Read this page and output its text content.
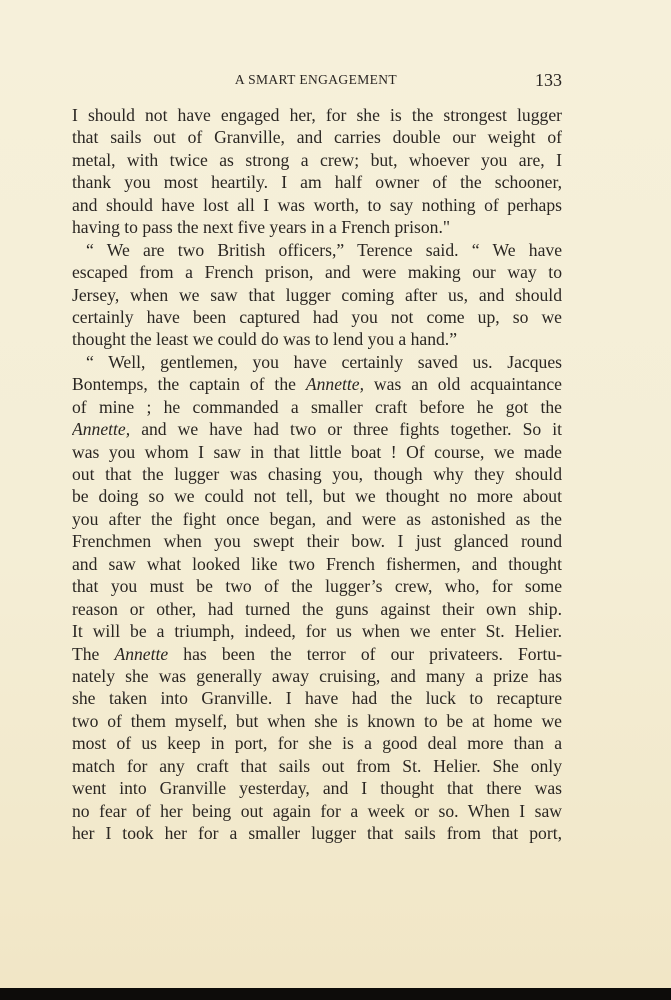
A SMART ENGAGEMENT	133
I should not have engaged her, for she is the strongest lugger
that sails out of Granville, and carries double our weight of
metal, with twice as strong a crew; but, whoever you are, I
thank you most heartily. I am half owner of the schooner,
and should have lost all I was worth, to say nothing of perhaps
having to pass the next five years in a French prison."
“ We are two British officers,” Terence said. “ We have
escaped from a French prison, and were making our way to
Jersey, when we saw that lugger coming after us, and should
certainly have been captured had you not come up, so we
thought the least we could do was to lend you a hand.”
“ Well, gentlemen, you have certainly saved us. Jacques
Bontemps, the captain of the Annette, was an old acquaintance
of mine ; he commanded a smaller craft before he got the
Annette, and we have had two or three fights together. So it
was you whom I saw in that little boat ! Of course, we made
out that the lugger was chasing you, though why they should
be doing so we could not tell, but we thought no more about
you after the fight once began, and were as astonished as the
Frenchmen when you swept their bow. I just glanced round
and saw what looked like two French fishermen, and thought
that you must be two of the lugger’s crew, who, for some
reason or other, had turned the guns against their own ship.
It will be a triumph, indeed, for us when we enter St. Helier.
The Annette has been the terror of our privateers. Fortu-
nately she was generally away cruising, and many a prize has
she taken into Granville. I have had the luck to recapture
two of them myself, but when she is known to be at home we
most of us keep in port, for she is a good deal more than a
match for any craft that sails out from St. Helier. She only
went into Granville yesterday, and I thought that there was
no fear of her being out again for a week or so. When I saw
her I took her for a smaller lugger that sails from that port,
